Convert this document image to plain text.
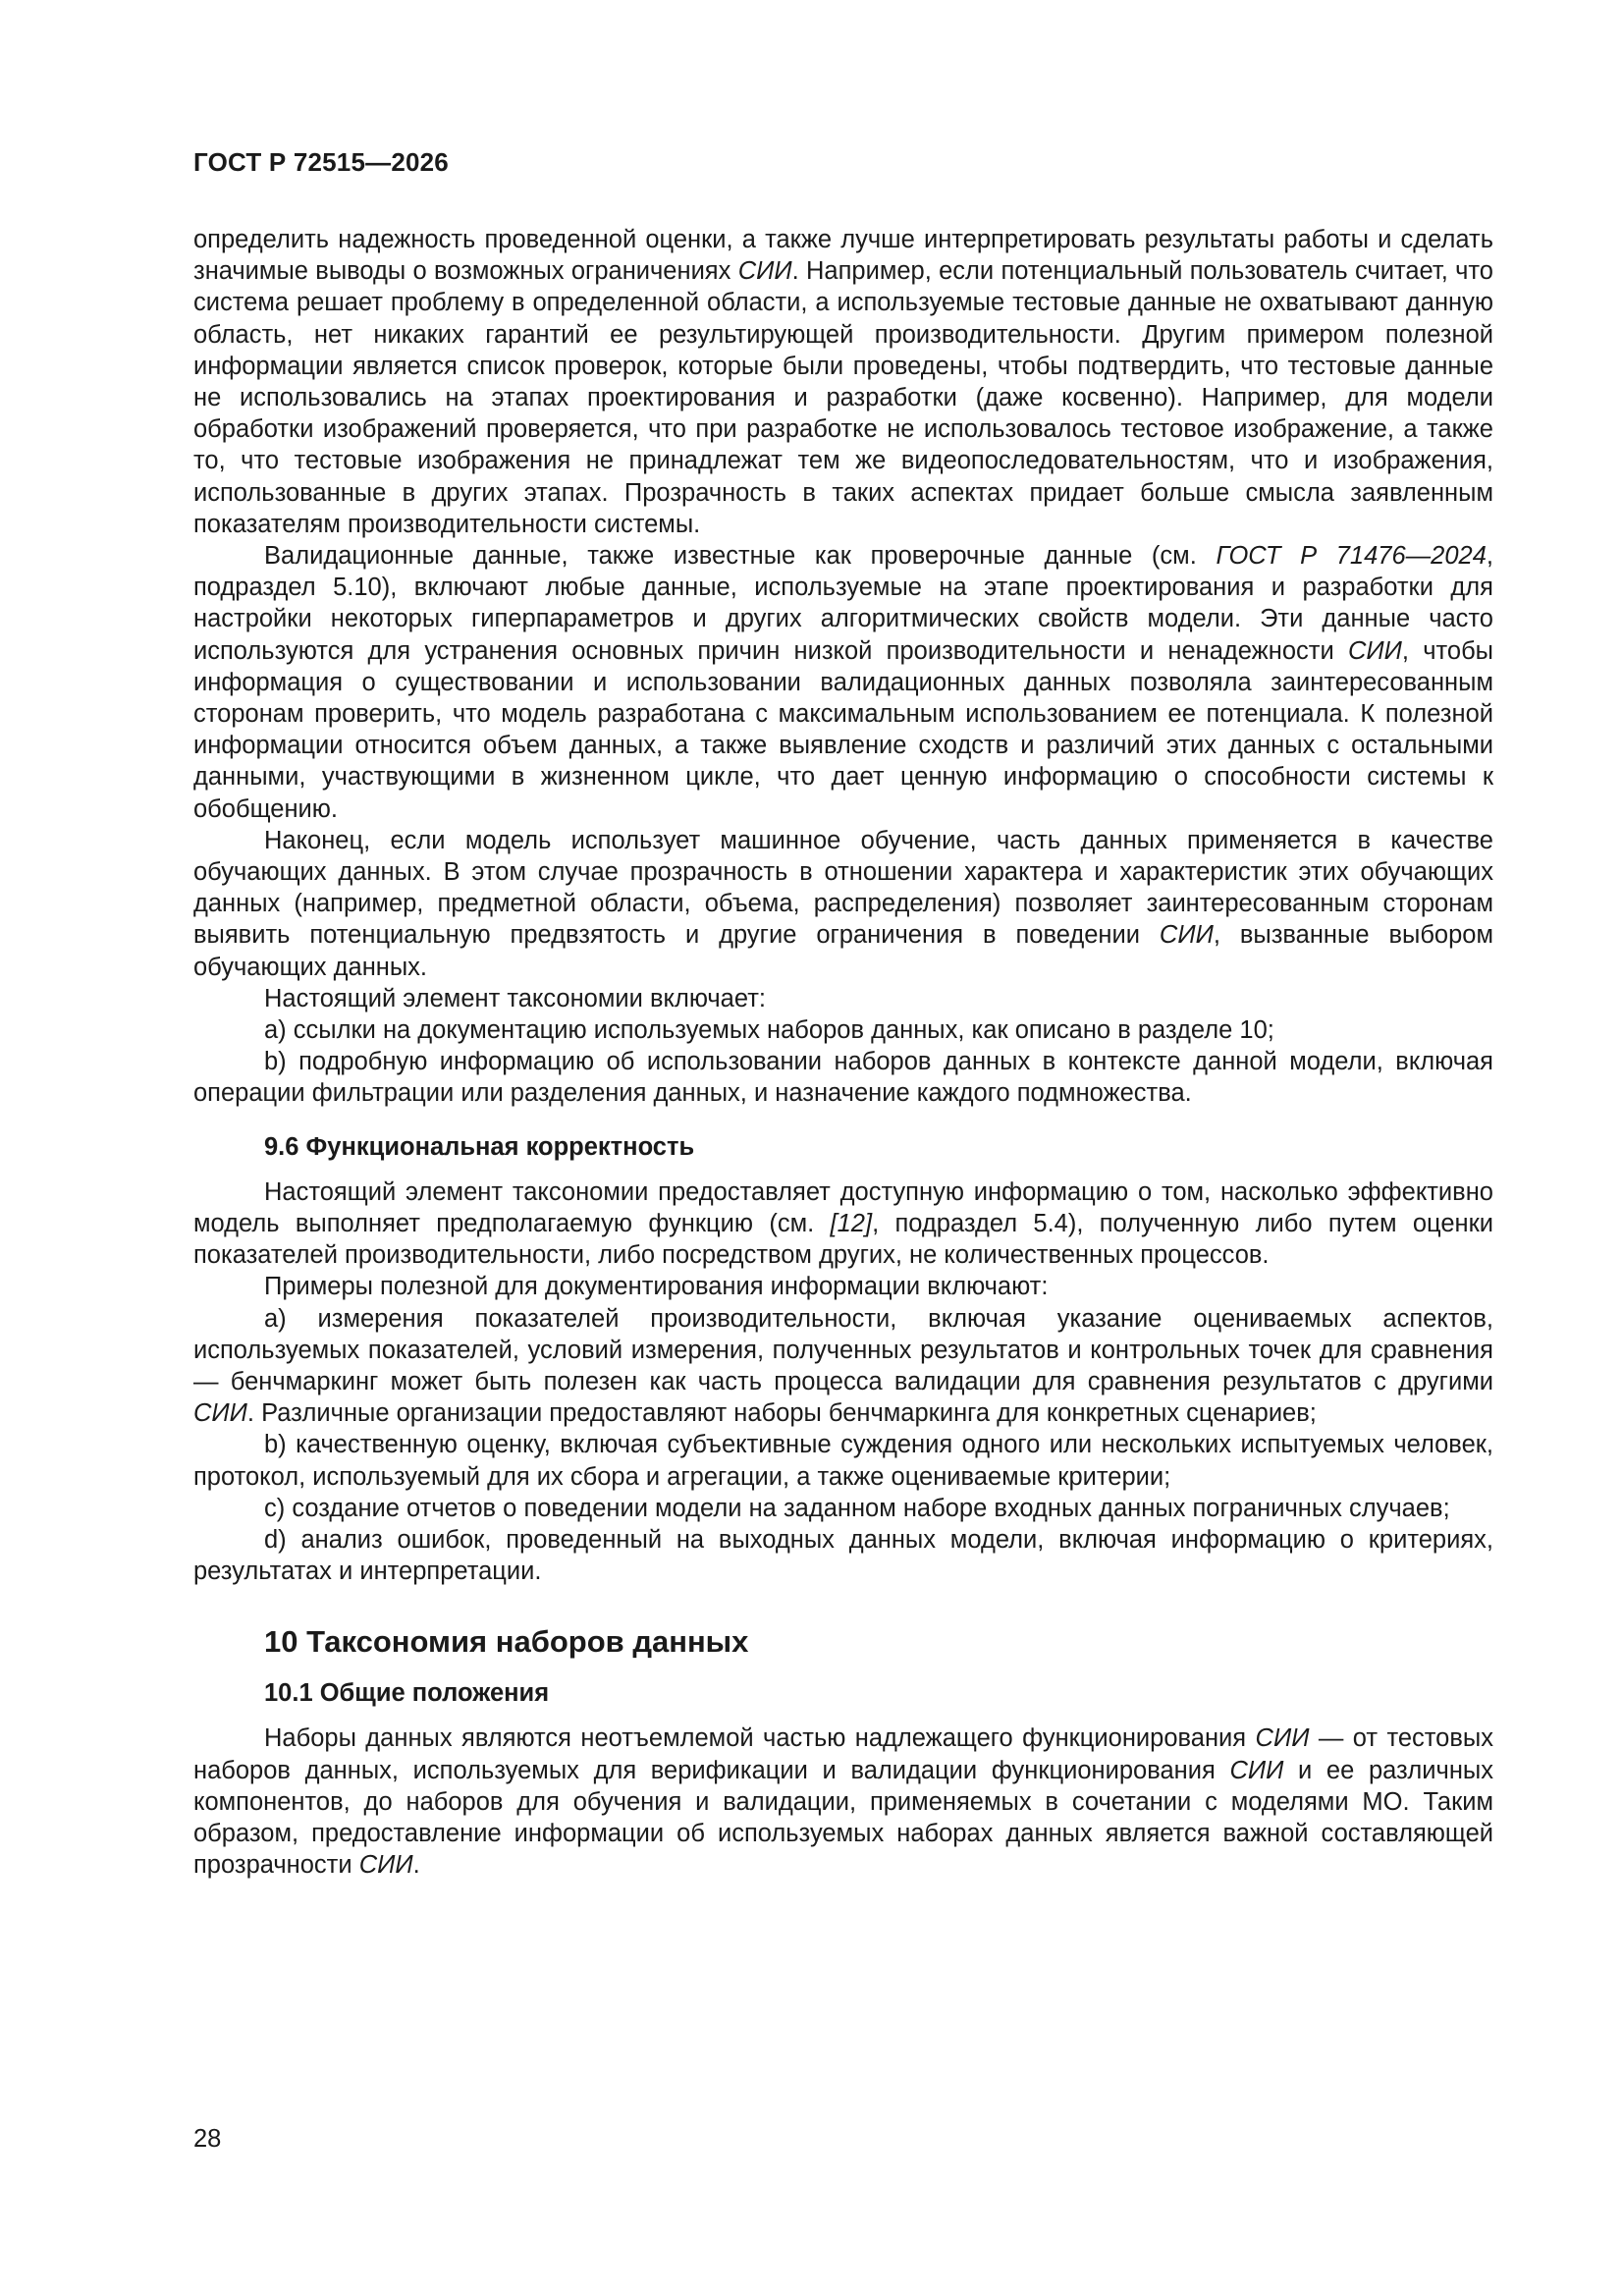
ГОСТ Р 72515—2026

определить надежность проведенной оценки, а также лучше интерпретировать результаты работы и сделать значимые выводы о возможных ограничениях СИИ. Например, если потенциальный пользователь считает, что система решает проблему в определенной области, а используемые тестовые данные не охватывают данную область, нет никаких гарантий ее результирующей производительности. Другим примером полезной информации является список проверок, которые были проведены, чтобы подтвердить, что тестовые данные не использовались на этапах проектирования и разработки (даже косвенно). Например, для модели обработки изображений проверяется, что при разработке не использовалось тестовое изображение, а также то, что тестовые изображения не принадлежат тем же видеопоследовательностям, что и изображения, использованные в других этапах. Прозрачность в таких аспектах придает больше смысла заявленным показателям производительности системы.

Валидационные данные, также известные как проверочные данные (см. ГОСТ Р 71476—2024, подраздел 5.10), включают любые данные, используемые на этапе проектирования и разработки для настройки некоторых гиперпараметров и других алгоритмических свойств модели. Эти данные часто используются для устранения основных причин низкой производительности и ненадежности СИИ, чтобы информация о существовании и использовании валидационных данных позволяла заинтересованным сторонам проверить, что модель разработана с максимальным использованием ее потенциала. К полезной информации относится объем данных, а также выявление сходств и различий этих данных с остальными данными, участвующими в жизненном цикле, что дает ценную информацию о способности системы к обобщению.

Наконец, если модель использует машинное обучение, часть данных применяется в качестве обучающих данных. В этом случае прозрачность в отношении характера и характеристик этих обучающих данных (например, предметной области, объема, распределения) позволяет заинтересованным сторонам выявить потенциальную предвзятость и другие ограничения в поведении СИИ, вызванные выбором обучающих данных.

Настоящий элемент таксономии включает:

a) ссылки на документацию используемых наборов данных, как описано в разделе 10;

b) подробную информацию об использовании наборов данных в контексте данной модели, включая операции фильтрации или разделения данных, и назначение каждого подмножества.

9.6 Функциональная корректность

Настоящий элемент таксономии предоставляет доступную информацию о том, насколько эффективно модель выполняет предполагаемую функцию (см. [12], подраздел 5.4), полученную либо путем оценки показателей производительности, либо посредством других, не количественных процессов.

Примеры полезной для документирования информации включают:

а) измерения показателей производительности, включая указание оцениваемых аспектов, используемых показателей, условий измерения, полученных результатов и контрольных точек для сравнения — бенчмаркинг может быть полезен как часть процесса валидации для сравнения результатов с другими СИИ. Различные организации предоставляют наборы бенчмаркинга для конкретных сценариев;

b) качественную оценку, включая субъективные суждения одного или нескольких испытуемых человек, протокол, используемый для их сбора и агрегации, а также оцениваемые критерии;

c) создание отчетов о поведении модели на заданном наборе входных данных пограничных случаев;

d) анализ ошибок, проведенный на выходных данных модели, включая информацию о критериях, результатах и интерпретации.

10 Таксономия наборов данных
10.1 Общие положения

Наборы данных являются неотъемлемой частью надлежащего функционирования СИИ — от тестовых наборов данных, используемых для верификации и валидации функционирования СИИ и ее различных компонентов, до наборов для обучения и валидации, применяемых в сочетании с моделями МО. Таким образом, предоставление информации об используемых наборах данных является важной составляющей прозрачности СИИ.

28
